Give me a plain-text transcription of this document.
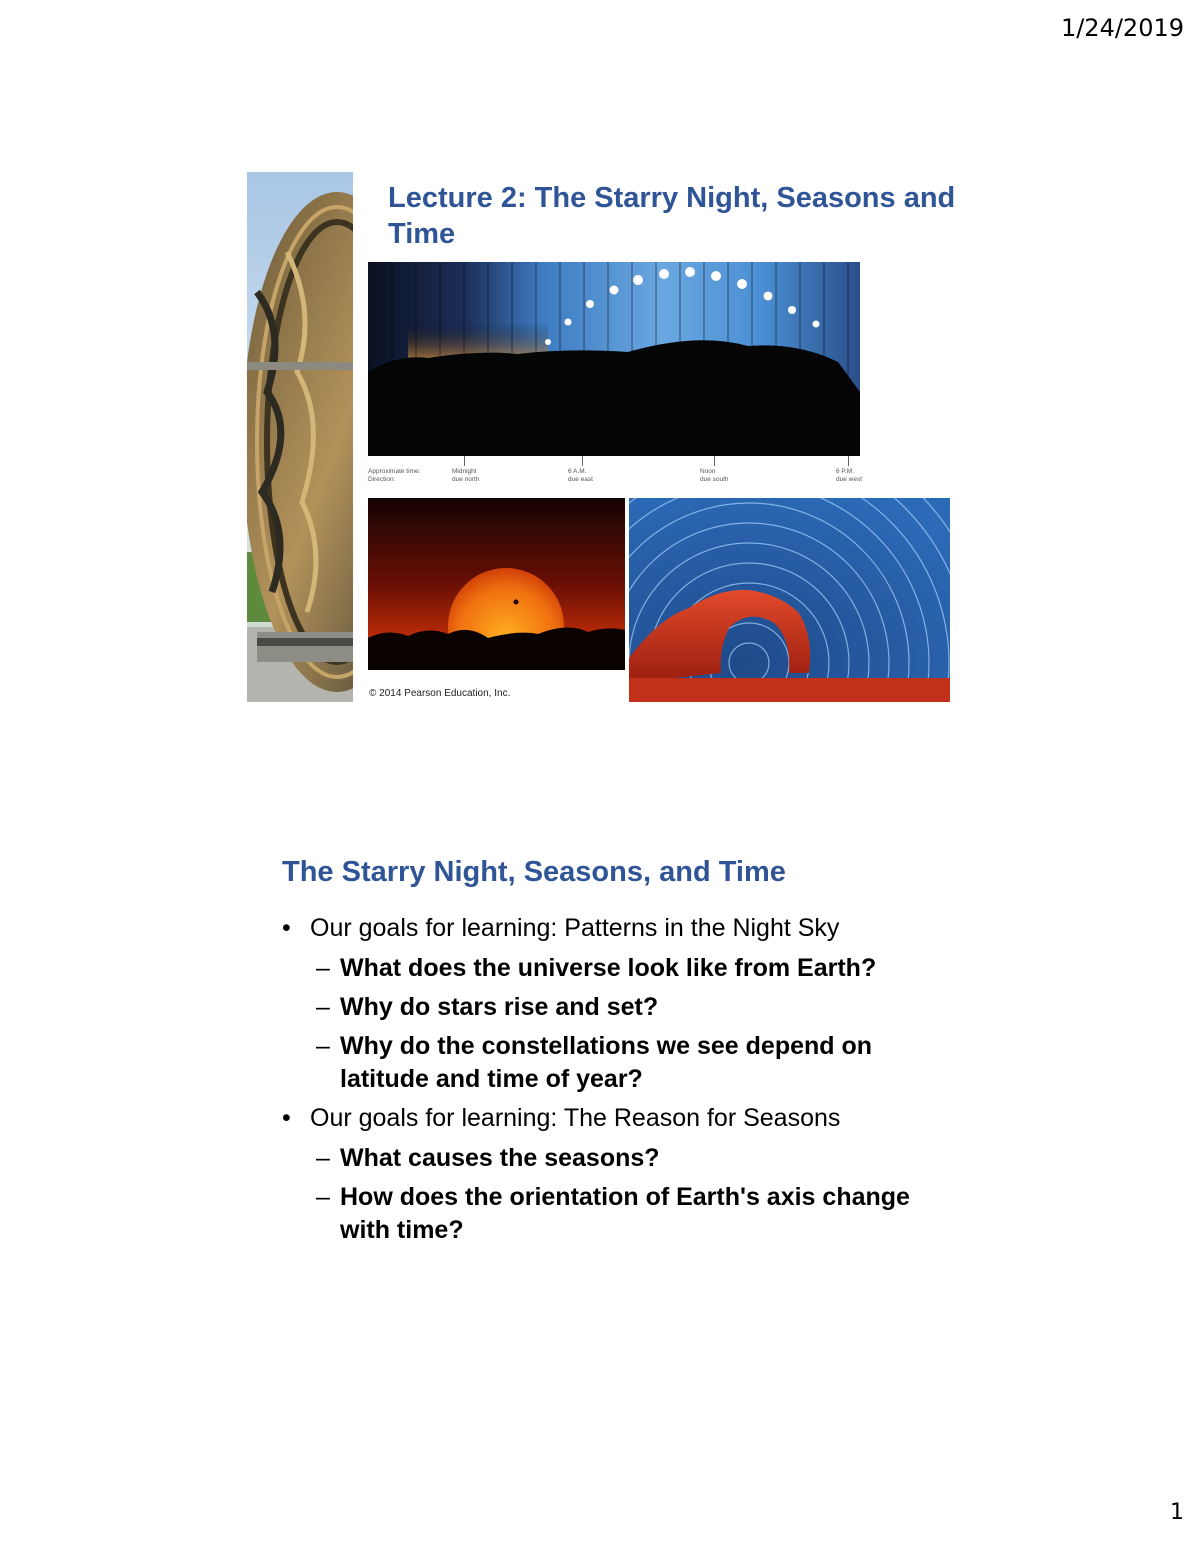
1/24/2019
Lecture 2: The Starry Night, Seasons and Time
Approximate time:
Direction:
Midnight
due north
6 A.M.
due east
Noon
due south
6 P.M.
due west
© 2014 Pearson Education, Inc.
The Starry Night, Seasons, and Time
• Our goals for learning: Patterns in the Night Sky
– What does the universe look like from Earth?
– Why do stars rise and set?
– Why do the constellations we see depend on latitude and time of year?
• Our goals for learning: The Reason for Seasons
– What causes the seasons?
– How does the orientation of Earth's axis change with time?
1
